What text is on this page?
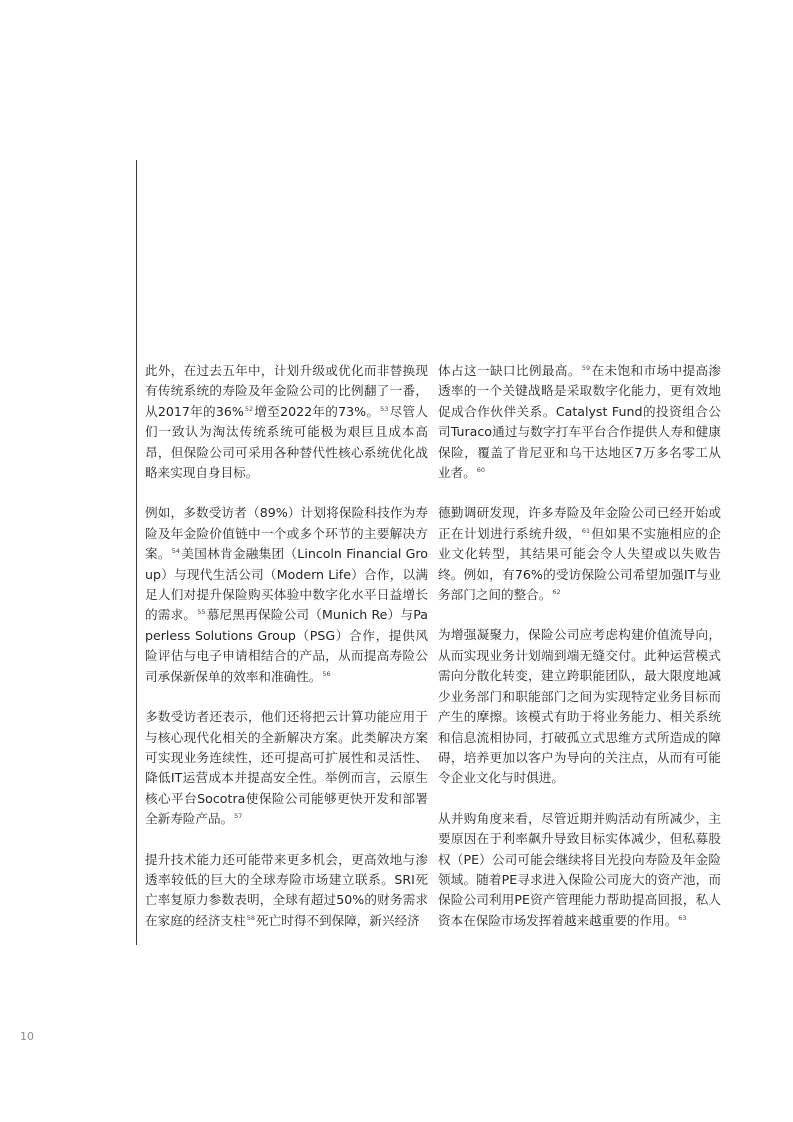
此外，在过去五年中，计划升级或优化而非替换现有传统系统的寿险及年金险公司的比例翻了一番，从2017年的36%$^{52}$增至2022年的73%。$^{53}$尽管人们一致认为淘汰传统系统可能极为艰巨且成本高昂，但保险公司可采用各种替代性核心系统优化战略来实现自身目标。

例如，多数受访者（89%）计划将保险科技作为寿险及年金险价值链中一个或多个环节的主要解决方案。$^{54}$美国林肯金融集团（Lincoln Financial Group）与现代生活公司（Modern Life）合作，以满足人们对提升保险购买体验中数字化水平日益增长的需求。$^{55}$慕尼黑再保险公司（Munich Re）与Paperless Solutions Group（PSG）合作，提供风险评估与电子申请相结合的产品，从而提高寿险公司承保新保单的效率和准确性。$^{56}$

多数受访者还表示，他们还将把云计算功能应用于与核心现代化相关的全新解决方案。此类解决方案可实现业务连续性，还可提高可扩展性和灵活性、降低IT运营成本并提高安全性。举例而言，云原生核心平台Socotra使保险公司能够更快开发和部署全新寿险产品。$^{57}$

提升技术能力还可能带来更多机会，更高效地与渗透率较低的巨大的全球寿险市场建立联系。SRI死亡率复原力参数表明，全球有超过50%的财务需求在家庭的经济支柱$^{58}$死亡时得不到保障，新兴经济

体占这一缺口比例最高。$^{59}$在未饱和市场中提高渗透率的一个关键战略是采取数字化能力，更有效地促成合作伙伴关系。Catalyst Fund的投资组合公司Turaco通过与数字打车平台合作提供人寿和健康保险，覆盖了肯尼亚和乌干达地区7万多名零工从业者。$^{60}$

德勤调研发现，许多寿险及年金险公司已经开始或正在计划进行系统升级，$^{61}$但如果不实施相应的企业文化转型，其结果可能会令人失望或以失败告终。例如，有76%的受访保险公司希望加强IT与业务部门之间的整合。$^{62}$

为增强凝聚力，保险公司应考虑构建价值流导向，从而实现业务计划端到端无缝交付。此种运营模式需向分散化转变，建立跨职能团队，最大限度地减少业务部门和职能部门之间为实现特定业务目标而产生的摩擦。该模式有助于将业务能力、相关系统和信息流相协同，打破孤立式思维方式所造成的障碍，培养更加以客户为导向的关注点，从而有可能令企业文化与时俱进。

从并购角度来看，尽管近期并购活动有所减少，主要原因在于利率飙升导致目标实体减少，但私募股权（PE）公司可能会继续将目光投向寿险及年金险领域。随着PE寻求进入保险公司庞大的资产池，而保险公司利用PE资产管理能力帮助提高回报，私人资本在保险市场发挥着越来越重要的作用。$^{63}$

10
